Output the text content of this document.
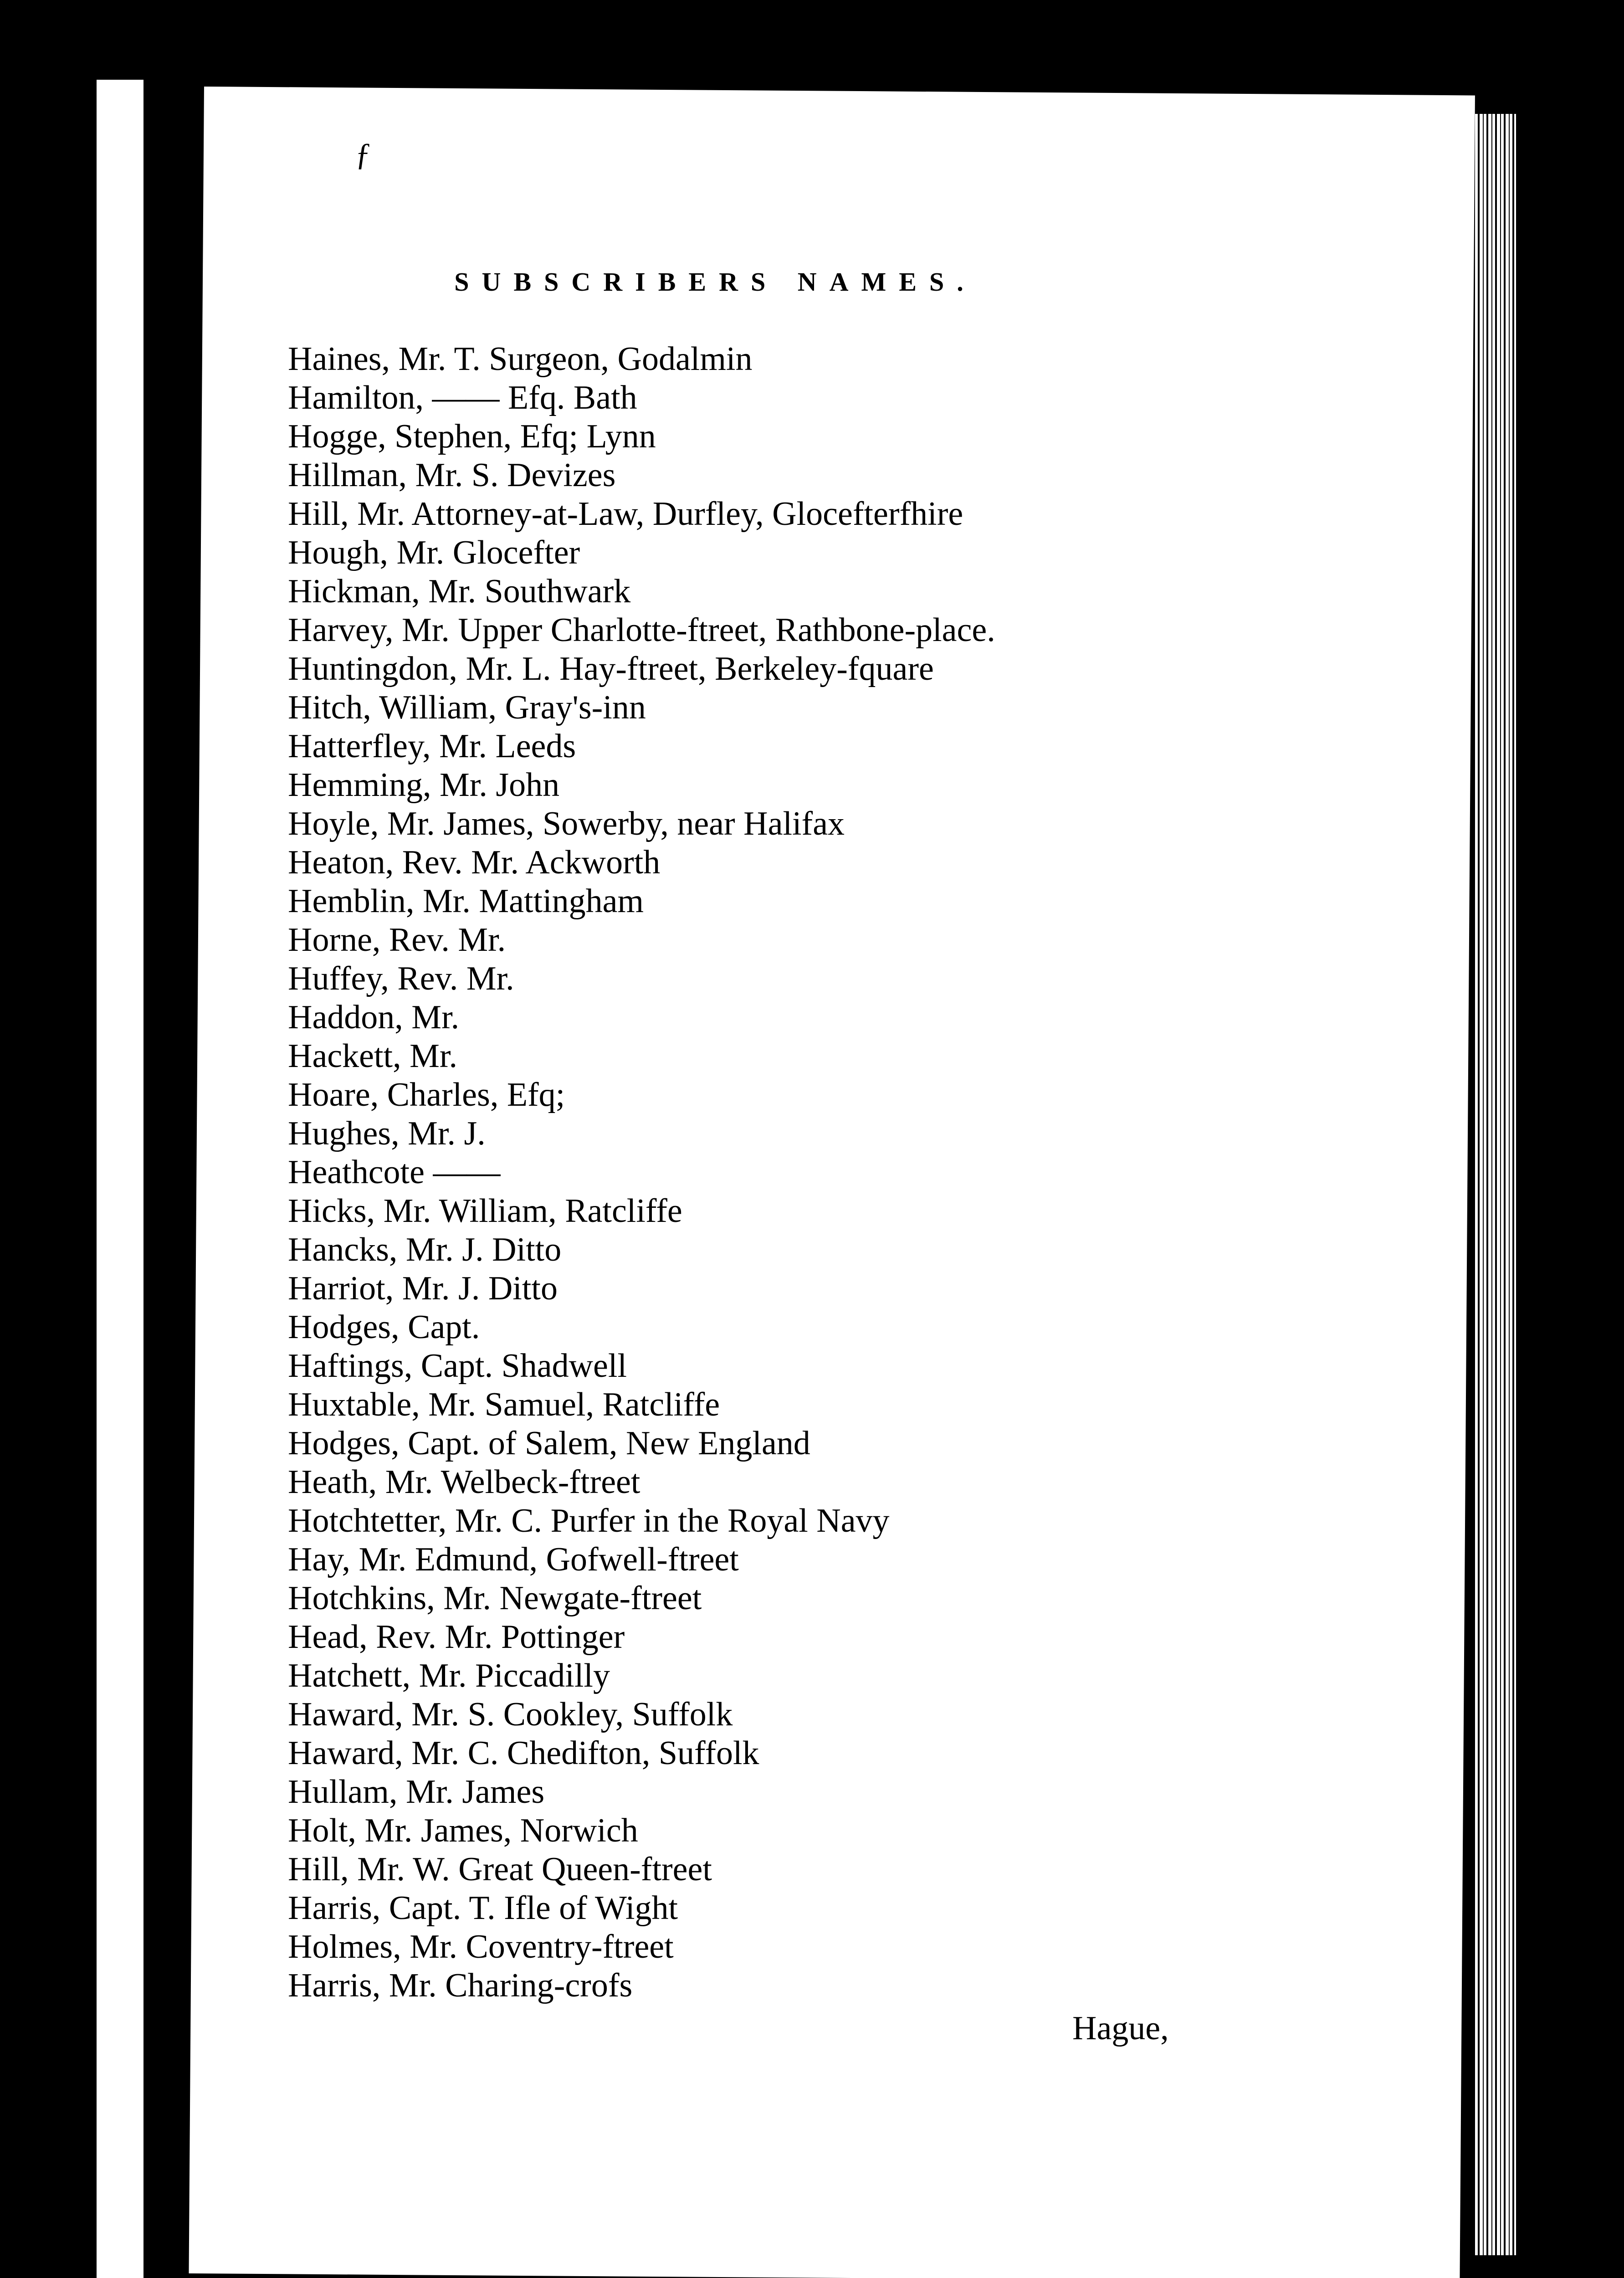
ƒ
SUBSCRIBERS NAMES.
Haines, Mr. T. Surgeon, Godalmin
Hamilton, —— Efq. Bath
Hogge, Stephen, Efq; Lynn
Hillman, Mr. S. Devizes
Hill, Mr. Attorney-at-Law, Durfley, Glocefterfhire
Hough, Mr. Glocefter
Hickman, Mr. Southwark
Harvey, Mr. Upper Charlotte-ftreet, Rathbone-place.
Huntingdon, Mr. L. Hay-ftreet, Berkeley-fquare
Hitch, William, Gray's-inn
Hatterfley, Mr. Leeds
Hemming, Mr. John
Hoyle, Mr. James, Sowerby, near Halifax
Heaton, Rev. Mr. Ackworth
Hemblin, Mr. Mattingham
Horne, Rev. Mr.
Huffey, Rev. Mr.
Haddon, Mr.
Hackett, Mr.
Hoare, Charles, Efq;
Hughes, Mr. J.
Heathcote ——
Hicks, Mr. William, Ratcliffe
Hancks, Mr. J. Ditto
Harriot, Mr. J. Ditto
Hodges, Capt.
Haftings, Capt. Shadwell
Huxtable, Mr. Samuel, Ratcliffe
Hodges, Capt. of Salem, New England
Heath, Mr. Welbeck-ftreet
Hotchtetter, Mr. C. Purfer in the Royal Navy
Hay, Mr. Edmund, Gofwell-ftreet
Hotchkins, Mr. Newgate-ftreet
Head, Rev. Mr. Pottinger
Hatchett, Mr. Piccadilly
Haward, Mr. S. Cookley, Suffolk
Haward, Mr. C. Chedifton, Suffolk
Hullam, Mr. James
Holt, Mr. James, Norwich
Hill, Mr. W. Great Queen-ftreet
Harris, Capt. T. Ifle of Wight
Holmes, Mr. Coventry-ftreet
Harris, Mr. Charing-crofs
Hague,
